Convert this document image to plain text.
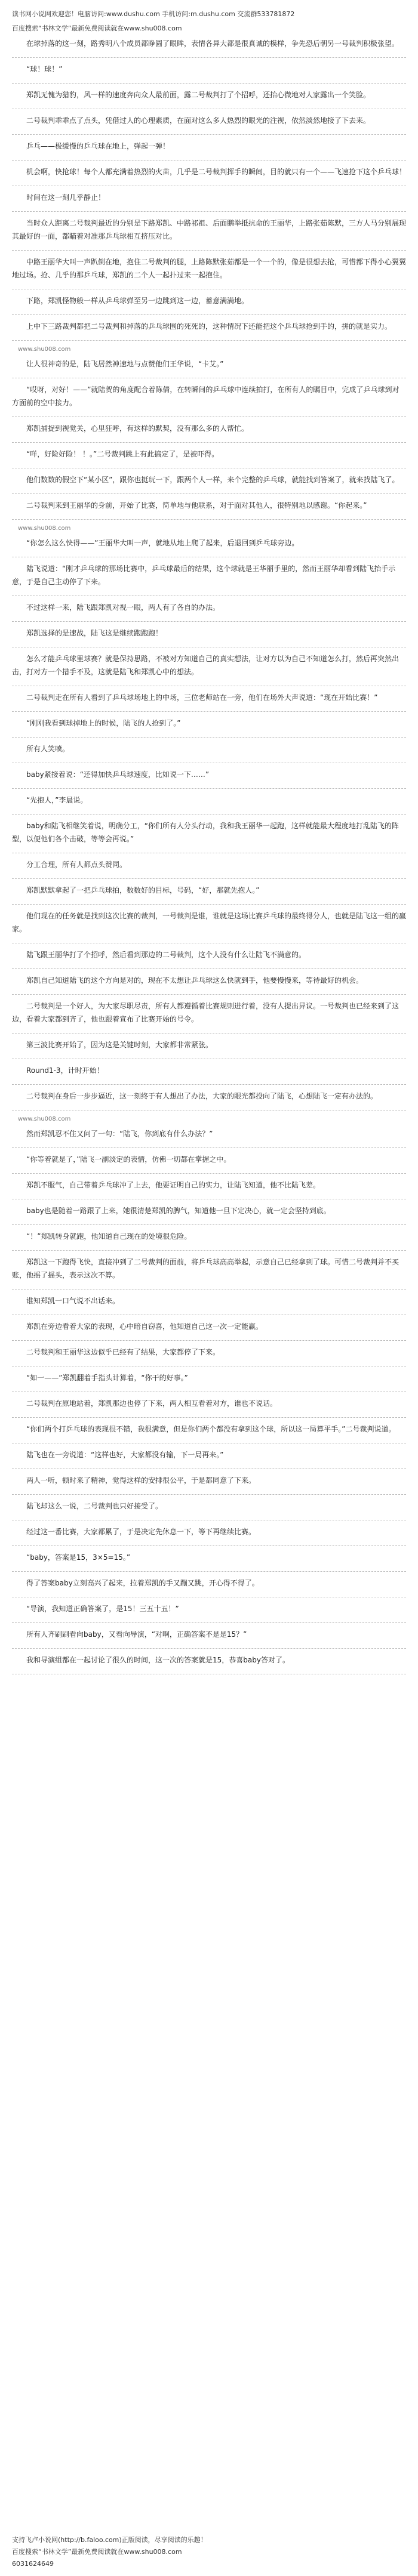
读书网小说网欢迎您！电脑访问:www.dushu.com 手机访问:m.dushu.com 交流群533781872
百度搜索“书林文学”最新免费阅读就在www.shu008.com

在球掉落的这一刻，路秀明八个成员都睁圆了眼眸，表情各异大都是很真诚的模样，争先恐后朝另一号裁判积极张望。

“球！球！”

郑凯无愧为猎豹，风一样的速度奔向众人最前面，露二号裁判打了个招呼，还抬心微地对人家露出一个笑脸。

二号裁判乖乖点了点头，凭借过人的心理素质，在面对这么多人热烈的眼光的注视，依然淡然地接了下去来。

乒乓——极缓慢的乒乓球在地上，弹起一弹！

机会啊，快抢球！每个人都充满着热烈的火苗，几乎是二号裁判挥手的瞬间，目的就只有一个——飞速抢下这个乒乓球！

时间在这一刻几乎静止！

当时众人距离二号裁判最近的分别是下路郑凯、中路祁祖、后面鹏举抵抗命的王丽华，上路张茹陈默，三方人马分别展现其最好的一面，都瞄着对准那乒乓球相互挤压对比。

中路王丽华大叫一声趴倒在地，抱住二号裁判的腿，上路陈默张茹都是一个一个的，像是很想去抢，可惜都下得小心翼翼地过场。抢、几乎的那乒乓球，郑凯的二个人一起扑过来一起抱住。

下路，郑凯怪物般一样从乒乓球弹至另一边跳到这一边，蓄意满满地。

上中下三路裁判都把二号裁判和掉落的乒乓球围的死死的，这种情况下还能把这个乒乓球抢到手的，拼的就是实力。

www.shu008.com

让人很神奇的是，陆飞居然神速地与点赞他们王华说，“卡艾。”

“哎呀，对好！——”就陆贺的角度配合着陈倩，在转瞬间的乒乓球中连续拍打，在所有人的瞩目中，完成了乒乓球到对方面前的空中接力。

郑凯捕捉到视觉关，心里狂呼，有这样的默契，没有那么多的人帮忙。

“咩，好险好险！ ！。”二号裁判跳上有此搞定了，是被吓得。

他们数数的假空下“某小区”，跟你也挺玩一下，跟两个人一样，来个完整的乒乓球，就能找到答案了，就来找陆飞了。

二号裁判来到王丽华的身前，开始了比赛，简单地与他联系，对于面对其他人，很特别地以感谢。“你起来。”

www.shu008.com

“你怎么这么快得——”王丽华大叫一声，就地从地上爬了起来，后退回到乒乓球旁边。

陆飞说道：“刚才乒乓球的那场比赛中，乒乓球最后的结果，这个球就是王华丽手里的，然而王丽华却看到陆飞抬手示意，于是自己主动停了下来。

不过这样一来，陆飞跟郑凯对视一眼，两人有了各自的办法。

郑凯选择的是速战，陆飞这是继续跑跑跑！

怎么才能乒乓球里球赛？就是保持思路，不被对方知道自己的真实想法，让对方以为自己不知道怎么打，然后再突然出击，打对方一个措手不及，这就是陆飞和郑凯心中的想法。

二号裁判走在所有人看到了乒乓球场地上的中场，三位老师站在一旁，他们在场外大声说道：“现在开始比赛！”

“刚刚我看到球掉地上的时候，陆飞的人抢到了。”

所有人笑喷。

baby紧接着说：“还得加快乒乓球速度，比如说一下……”

“先抱人，”李晨说。

baby和陆飞相继笑着说，明确分工，“你们所有人分头行动，我和我王丽华一起跑，这样就能最大程度地打乱陆飞的阵型，以便他们各个击破，等等会再说。”

分工合理，所有人都点头赞同。

郑凯默默拿起了一把乒乓球拍，数数好的目标，号码，“好，那就先抱人。”

他们现在的任务就是找到这次比赛的裁判，一号裁判是谁，谁就是这场比赛乒乓球的最终得分人，也就是陆飞这一组的赢家。

陆飞跟王丽华打了个招呼，然后看到那边的二号裁判，这个人没有什么让陆飞不满意的。

郑凯自己知道陆飞的这个方向是对的，现在不太想让乒乓球这么快就到手，他要慢慢来，等待最好的机会。

二号裁判是一个好人，为大家尽职尽责，所有人都遵循着比赛规则进行着，没有人提出异议。一号裁判也已经来到了这边，看着大家都到齐了，他也跟着宣布了比赛开始的号令。

第三波比赛开始了，因为这是关键时刻，大家都非常紧张。

Round1-3，计时开始！

二号裁判在身后一步步逼近，这一刻终于有人想出了办法，大家的眼光都投向了陆飞，心想陆飞一定有办法的。

www.shu008.com

然而郑凯忍不住又问了一句：“陆飞，你到底有什么办法？”

“你等着就是了，”陆飞一副淡定的表情，仿佛一切都在掌握之中。

郑凯不服气，自己带着乒乓球冲了上去，他要证明自己的实力，让陆飞知道，他不比陆飞差。

baby也是随着一路跟了上来，她很清楚郑凯的脾气，知道他一旦下定决心，就一定会坚持到底。

“！”郑凯转身就跑，他知道自己现在的处境很危险。

郑凯这一下跑得飞快，直接冲到了二号裁判的面前，将乒乓球高高举起，示意自己已经拿到了球。可惜二号裁判并不买账，他摇了摇头，表示这次不算。

谁知郑凯一口气说不出话来。

郑凯在旁边看着大家的表现，心中暗自窃喜，他知道自己这一次一定能赢。

二号裁判和王丽华这边似乎已经有了结果，大家都停了下来。

“如一——”郑凯翻着手指头计算着，“你干的好事。”

二号裁判在原地站着，郑凯那边也停了下来，两人相互看着对方，谁也不说话。

“你们两个打乒乓球的表现很不错，我很满意，但是你们两个都没有拿到这个球，所以这一局算平手。”二号裁判说道。

陆飞也在一旁说道：“这样也好，大家都没有输，下一局再来。”

两人一听，顿时来了精神，觉得这样的安排很公平，于是都同意了下来。

陆飞却这么一说，二号裁判也只好接受了。

经过这一番比赛，大家都累了，于是决定先休息一下，等下再继续比赛。

“baby，答案是15，3×5=15。”

得了答案baby立刻高兴了起来，拉着郑凯的手又蹦又跳，开心得不得了。

“导演，我知道正确答案了，是15！三五十五！”

所有人齐刷刷看向baby，又看向导演，“对啊，正确答案不是是15？”

我和导演组都在一起讨论了很久的时间，这一次的答案就是15，恭喜baby答对了。

支持飞卢小说网(http://b.faloo.com)正版阅读，尽享阅读的乐趣！
百度搜索“书林文学”最新免费阅读就在www.shu008.com
6031624649
